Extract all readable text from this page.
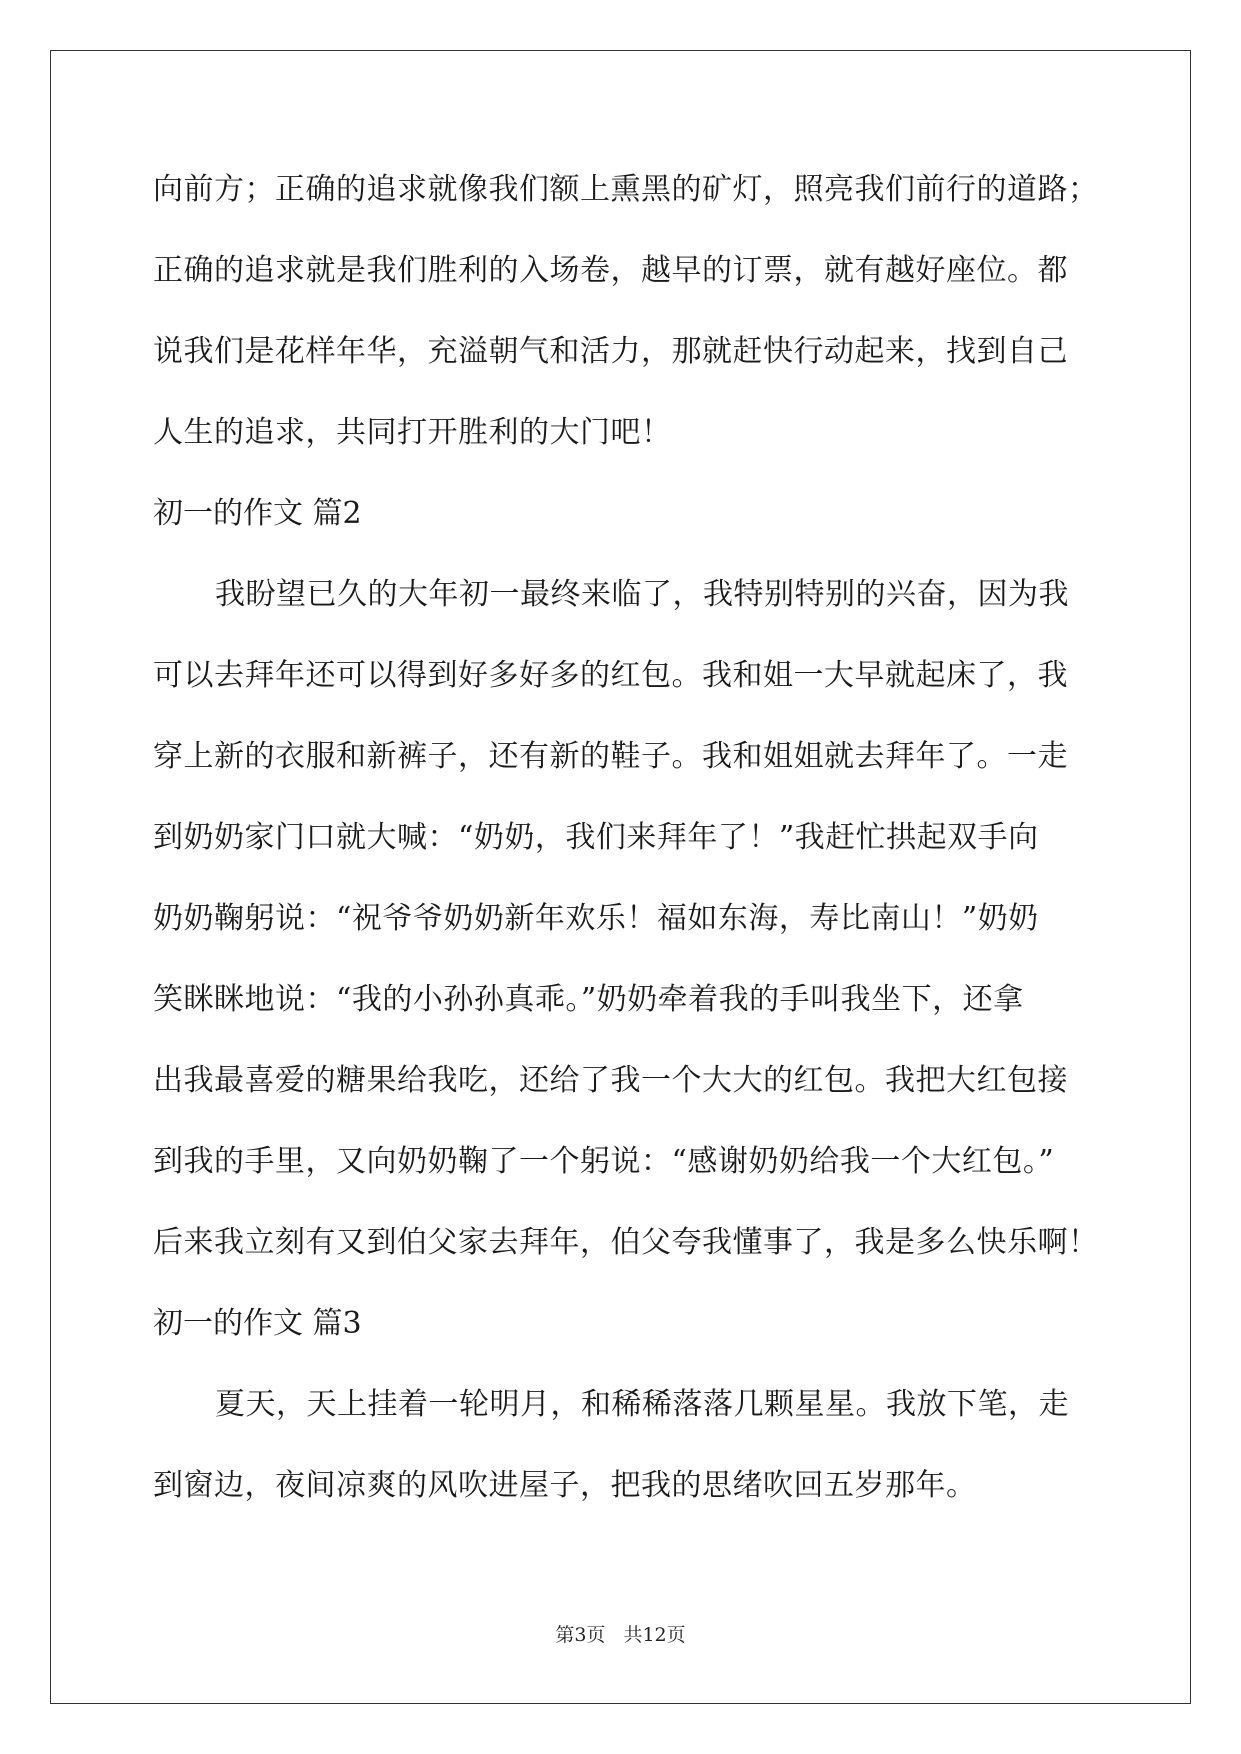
向前方；正确的追求就像我们额上熏黑的矿灯，照亮我们前行的道路；
正确的追求就是我们胜利的入场卷，越早的订票，就有越好座位。都
说我们是花样年华，充溢朝气和活力，那就赶快行动起来，找到自己
人生的追求，共同打开胜利的大门吧！
初一的作文 篇2
我盼望已久的大年初一最终来临了，我特别特别的兴奋，因为我
可以去拜年还可以得到好多好多的红包。我和姐一大早就起床了，我
穿上新的衣服和新裤子，还有新的鞋子。我和姐姐就去拜年了。一走
到奶奶家门口就大喊：“奶奶，我们来拜年了！”我赶忙拱起双手向
奶奶鞠躬说：“祝爷爷奶奶新年欢乐！福如东海，寿比南山！”奶奶
笑眯眯地说：“我的小孙孙真乖。”奶奶牵着我的手叫我坐下，还拿
出我最喜爱的糖果给我吃，还给了我一个大大的红包。我把大红包接
到我的手里，又向奶奶鞠了一个躬说：“感谢奶奶给我一个大红包。”
后来我立刻有又到伯父家去拜年，伯父夸我懂事了，我是多么快乐啊！
初一的作文 篇3
夏天，天上挂着一轮明月，和稀稀落落几颗星星。我放下笔，走
到窗边，夜间凉爽的风吹进屋子，把我的思绪吹回五岁那年。
第3页 共12页
